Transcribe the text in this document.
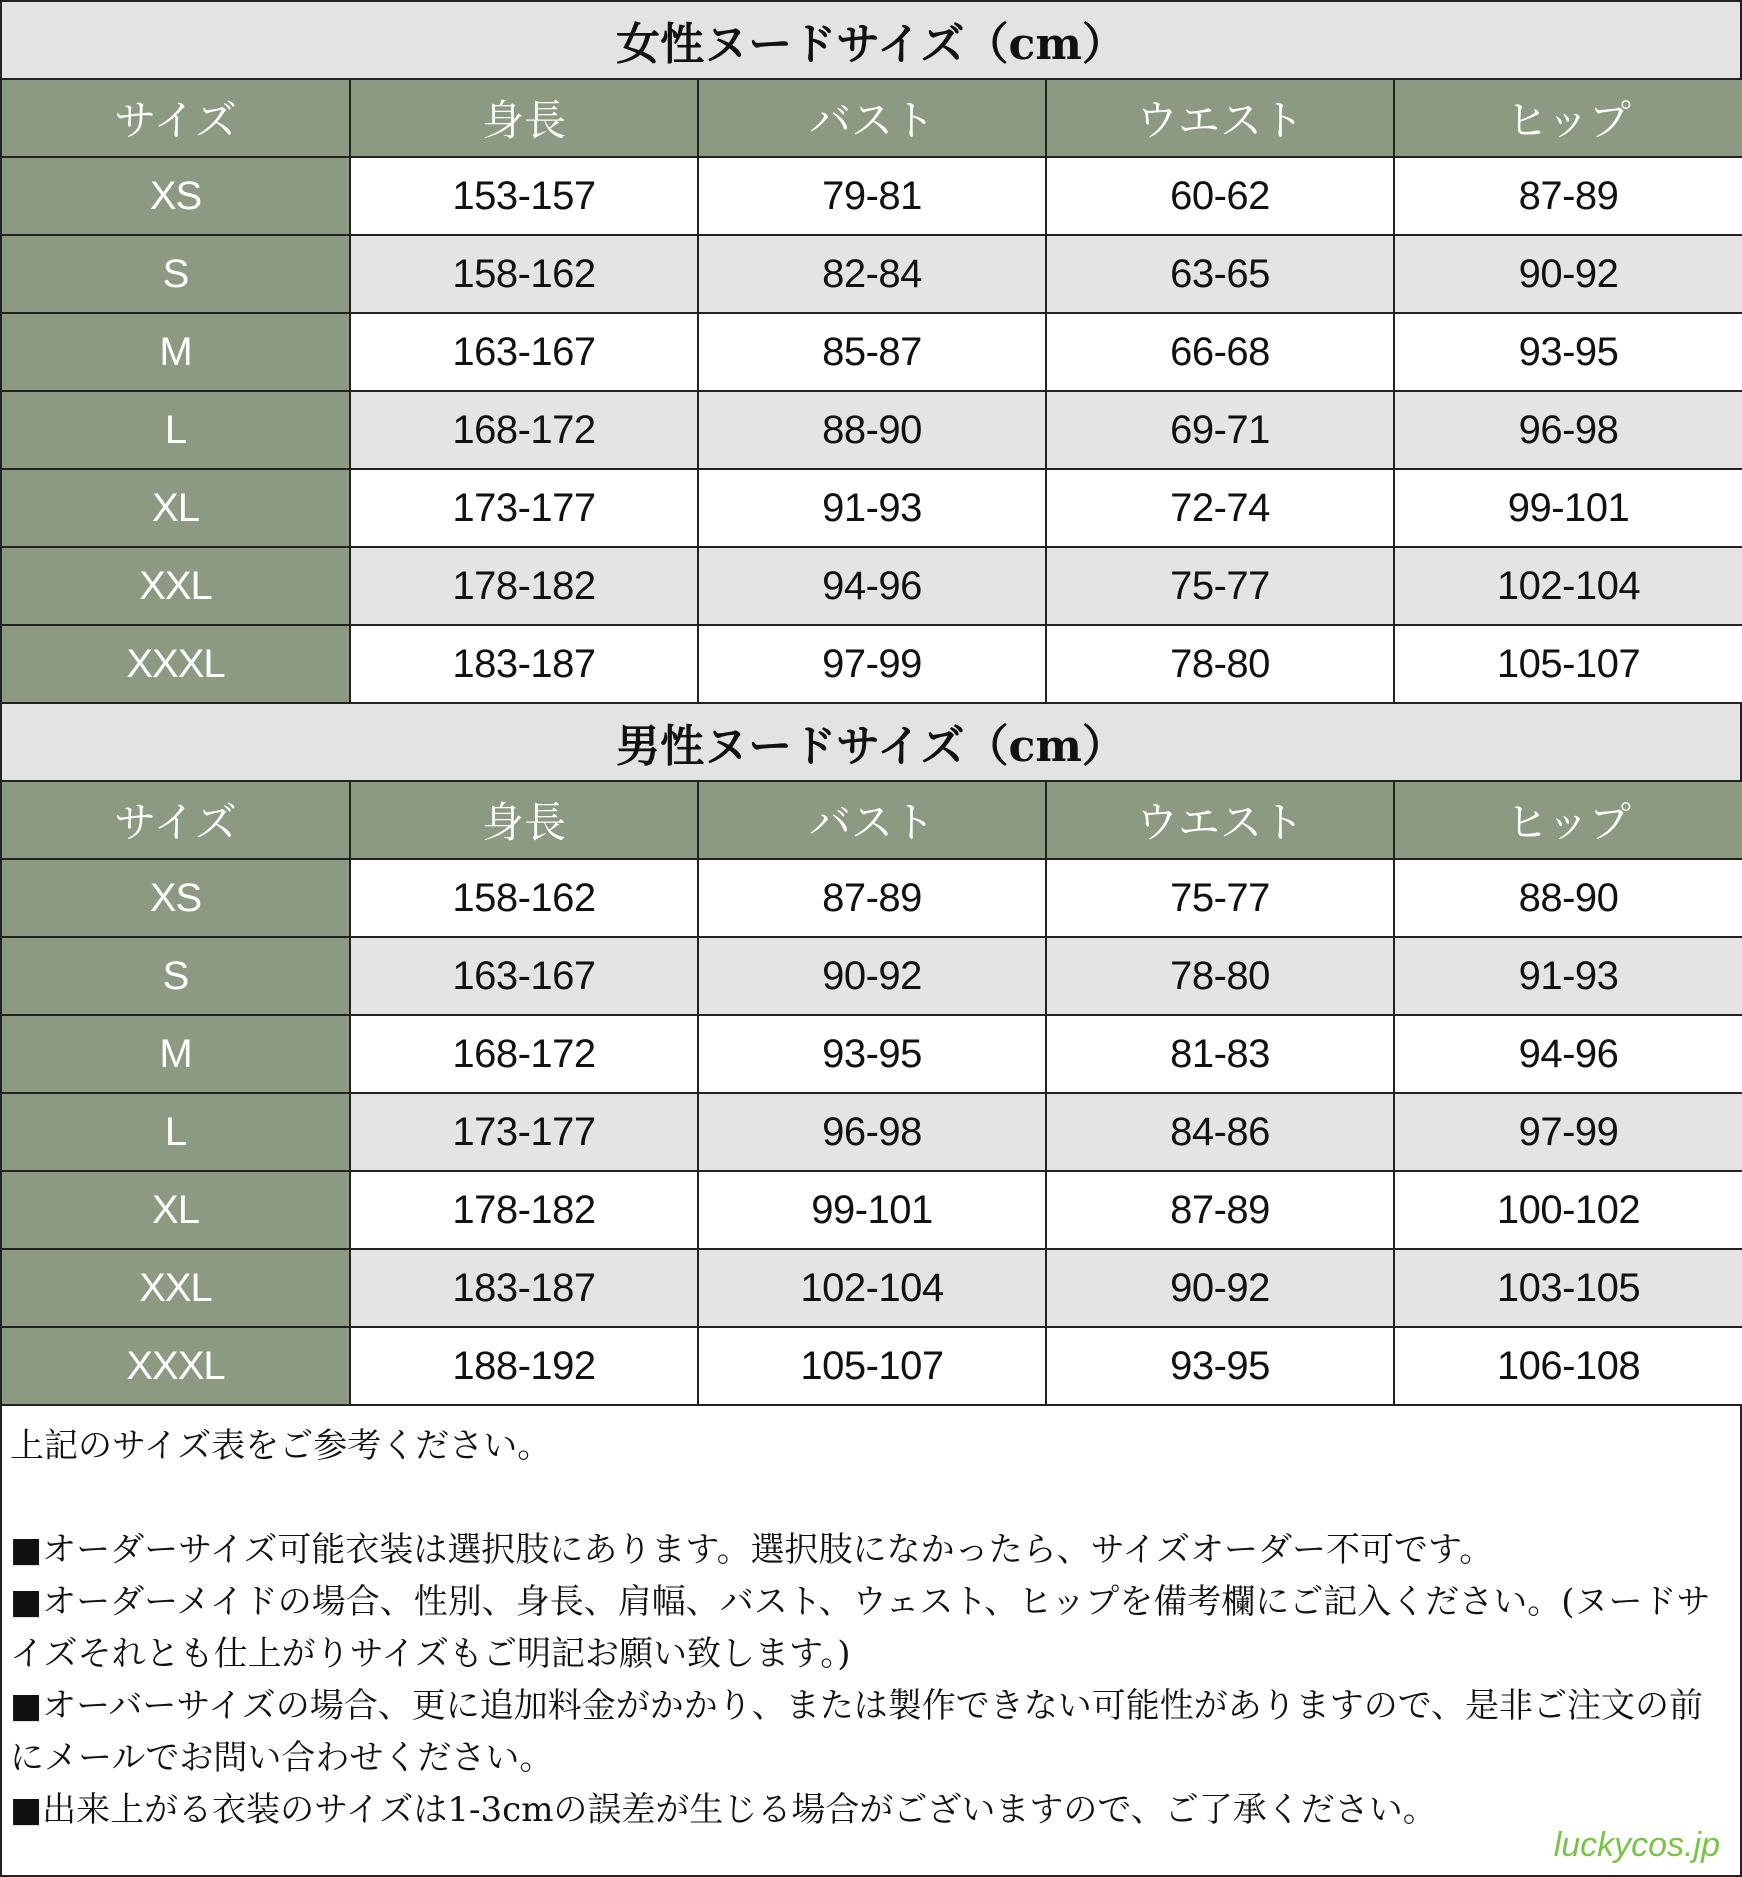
女性ヌードサイズ（cm）
サイズ	身長	バスト	ウエスト	ヒップ
XS	153-157	79-81	60-62	87-89
S	158-162	82-84	63-65	90-92
M	163-167	85-87	66-68	93-95
L	168-172	88-90	69-71	96-98
XL	173-177	91-93	72-74	99-101
XXL	178-182	94-96	75-77	102-104
XXXL	183-187	97-99	78-80	105-107
男性ヌードサイズ（cm）
サイズ	身長	バスト	ウエスト	ヒップ
XS	158-162	87-89	75-77	88-90
S	163-167	90-92	78-80	91-93
M	168-172	93-95	81-83	94-96
L	173-177	96-98	84-86	97-99
XL	178-182	99-101	87-89	100-102
XXL	183-187	102-104	90-92	103-105
XXXL	188-192	105-107	93-95	106-108

上記のサイズ表をご参考ください。

■オーダーサイズ可能衣装は選択肢にあります。選択肢になかったら、サイズオーダー不可です。

■オーダーメイドの場合、性別、身長、肩幅、バスト、ウェスト、ヒップを備考欄にご記入ください。(ヌードサイズそれとも仕上がりサイズもご明記お願い致します。)

■オーバーサイズの場合、更に追加料金がかかり、または製作できない可能性がありますので、是非ご注文の前にメールでお問い合わせください。

■出来上がる衣装のサイズは1-3cmの誤差が生じる場合がございますので、ご了承ください。

luckycos.jp
